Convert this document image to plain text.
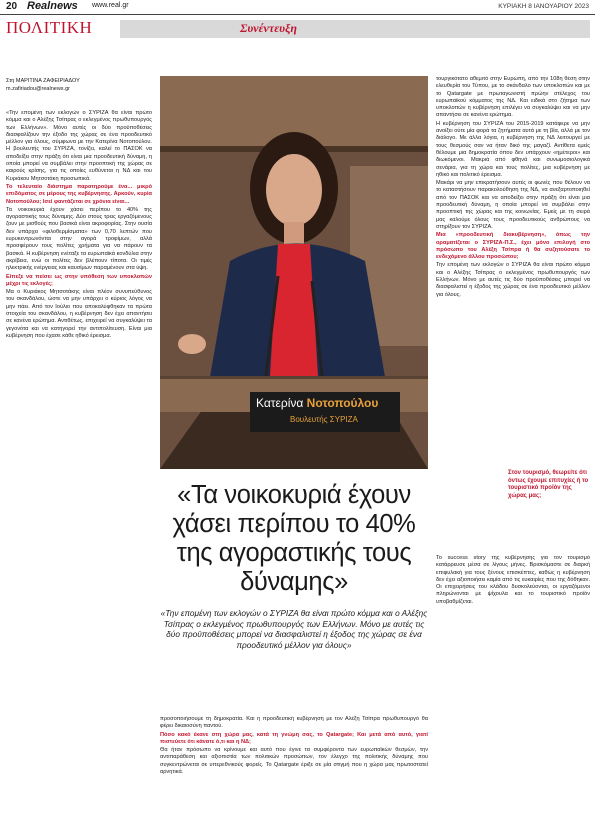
20 Realnews www.real.gr	ΚΥΡΙΑΚΗ 8 ΙΑΝΟΥΑΡΙΟΥ 2023
ΠΟΛΙΤΙΚΗ	Συνέντευξη
Στη ΜΑΡΙΤΙΝΑ ΖΑΦΕΙΡΙΑΔΟΥ
m.zafiriadou@realnews.gr

«Την επομένη των εκλογών ο ΣΥΡΙΖΑ θα είναι πρώτο κόμμα και ο Αλέξης Τσίπρας ο εκλεγμένος πρωθυπουργός των Ελλήνων». Μόνο αυτές οι δύο προϋποθέσεις διασφαλίζουν την έξοδο της χώρας σε ένα προοδευτικό μέλλον για όλους, σύμφωνα με την Κατερίνα Νοτοπούλου. Η βουλευτής του ΣΥΡΙΖΑ, τονίζει, καλεί το ΠΑΣΟΚ να αποδείξει στην πράξη ότι είναι μια προοδευτική δύναμη, η οποία μπορεί να συμβάλει στην προοπτική της χώρας σε καιρούς κρίσης, για τις οποίες ευθύνεται η ΝΔ και του Κυριάκου Μητσοτάκη προσωπικά.

Το τελευταίο διάστημα παρατηρούμε ένα... μικρό επιδόματος σε μέρους της κυβέρνησης. Αρκούν, κυρία Νοτοπούλου; Ισεί φαντάζεται σε χρόνια είναι...

Τα νοικοκυριά έχουν χάσει περίπου το 40% της αγοραστικής τους δύναμης. Δύο στους τρεις εργαζόμενους ζουν με μισθούς που βασικά είναι ακροφορίας. Στην ουσία δεν υπάρχει «φιλοθερμίσματα» των 0,70 λεπτών που ευρυκεντρωνόνται στην αγορά τροφίμων, αλλά προσφέρουν τους πολίτες χρήματα για να πάρουν τα βασικά. Η κυβέρνηση ενέταξε τα ευρωπαϊκά κονδύλια στην ακρίβεια, ενώ οι πολίτες δεν βλέπουν τίποτα. Οι τιμές ηλεκτρικής ενέργειας και καυσίμων παραμένουν στα ύψη.

Είπεξε να πείσει ως στην υπόθεση των υποκλοπών μέχρι τις εκλογές;

Μα ο Κυριάκος Μητσοτάκης είναι πλέον συνυπεύθυνος του σκανδάλου, ώστε να μην υπάρχει ο κύριος λόγος να μην πάει. Από τον Ιούλιο που αποκαλύφθηκαν τα πρώτα στοιχεία του σκανδάλου, η κυβέρνηση δεν έχει απαντήσει σε κανένα ερώτημα. Αντιθέτως, επιχειρεί να συγκαλύψει τα γεγονότα και να κατηγορεί την αντιπολίτευση. Είναι μια κυβέρνηση που έχασε κάθε ηθικό έρεισμα.

Κατερίνα Νοτοπούλου
Βουλευτής ΣΥΡΙΖΑ
«Τα νοικοκυριά έχουν χάσει περίπου το 40% της αγοραστικής τους δύναμης»
«Την επομένη των εκλογών ο ΣΥΡΙΖΑ θα είναι πρώτο κόμμα και ο Αλέξης Τσίπρας ο εκλεγμένος πρωθυπουργός των Ελλήνων. Μόνο με αυτές τις δύο προϋποθέσεις μπορεί να διασφαλιστεί η έξοδος της χώρας σε ένα προοδευτικό μέλλον για όλους»

τουργικότατο αθεμιτό στην Ευρώπη, από την 108η θέση στην ελευθερία του Τύπου, με το σκάνδαλο των υποκλοπών και με το Qatargate με πρωταγωνιστή πρώην στέλεχος του ευρωπαϊκού κόμματος της ΝΔ. Και ειδικά στο ζήτημα των υποκλοπών η κυβέρνηση επιλέγει να συγκαλύψει και να μην απαντήσει σε κανένα ερώτημα.

Η κυβέρνηση του ΣΥΡΙΖΑ του 2015-2019 κατάφερε να μην ανοίξει ούτε μία φορά τα ζητήματα αυτά με τη βία, αλλά με τον διάλογο. Με άλλα λόγια, η κυβέρνηση της ΝΔ λειτουργεί με τους θεσμούς σαν να ήταν δικό της μαγαζί. Αντίθετα εμείς θέλουμε μια δημοκρατία όπου δεν υπάρχουν «ημέτεροι» και διωκόμενοι. Μακριά από φθηνά και συνωμοσιολογικά σενάρια, για τη χώρα και τους πολίτες, μια κυβέρνηση με ηθικό και πολιτικό έρεισμα.

Μακάρι να μην επικρατήσουν αυτές οι φωνές που θέλουν να το καταστήσουν παρακολούθηση της ΝΔ, να ανεξαρτοποιηθεί από τον ΠΑΣΟΚ και να αποδείξει στην πράξη ότι είναι μια προοδευτική δύναμη, η οποία μπορεί να συμβάλει στην προοπτική της χώρας και της κοινωνίας. Εμείς με τη σειρά μας καλούμε όλους τους προοδευτικούς ανθρώπους να στηρίξουν τον ΣΥΡΙΖΑ.

Μια «προοδευτική διακυβέρνηση», όπως την οραματίζεται ο ΣΥΡΙΖΑ-Π.Σ., έχει μόνο επιλογή στο πρόσωπο του Αλέξη Τσίπρα ή θα συζητούσατε το ενδεχόμενο άλλου προσώπου;

Την επομένη των εκλογών ο ΣΥΡΙΖΑ θα είναι πρώτο κόμμα και ο Αλέξης Τσίπρας ο εκλεγμένος πρωθυπουργός των Ελλήνων. Μόνο με αυτές τις δύο προϋποθέσεις μπορεί να διασφαλιστεί η έξοδος της χώρας σε ένα προοδευτικό μέλλον για όλους.

Στον τουρισμό, θεωρείτε ότι όντως έχουμε επιτυχίες ή το τουριστικό προϊόν της χώρας μας;

Το success story της κυβέρνησης για τον τουρισμό κατάρρευσε μέσα σε λίγους μήνες. Βρισκόμαστε σε διαρκή επιφυλακή για τους ξένους επισκέπτες, καθώς η κυβέρνηση δεν έχει αξιοποιήσει καμία από τις ευκαιρίες που της δόθηκαν. Οι επιχειρήσεις του κλάδου δυσκολεύονται, οι εργαζόμενοι πληρώνονται με ψίχουλα και το τουριστικό προϊόν υποβαθμίζεται.

προσοποιήσουμε τη δημοκρατία. Και η προοδευτική κυβέρνηση με τον Αλέξη Τσίπρα πρωθυπουργό θα φέρει δικαιοσύνη παντού.

Πόσο κακό έκανε στη χώρα μας, κατά τη γνώμη σας, το Qatargate; Και μετά από αυτό, γιατί πιστεύετε ότι κάνατε ό,τι και η ΝΔ;

Θα ήταν πρόσωπο να κρίνουμε και αυτό που έγινε τα συμφέροντα των ευρωπαϊκών θεσμών, την αντιπαράθεση και αξιοπιστία των πολιτικών προσώπων, τον έλεγχο της πολιτικής δύναμης που συγκεντρώνεται σε υπερεθνικούς φορείς. Το Qatargate έριξε σε μία στιγμή που η χώρα μας πρωτοστατεί αρνητικά.
